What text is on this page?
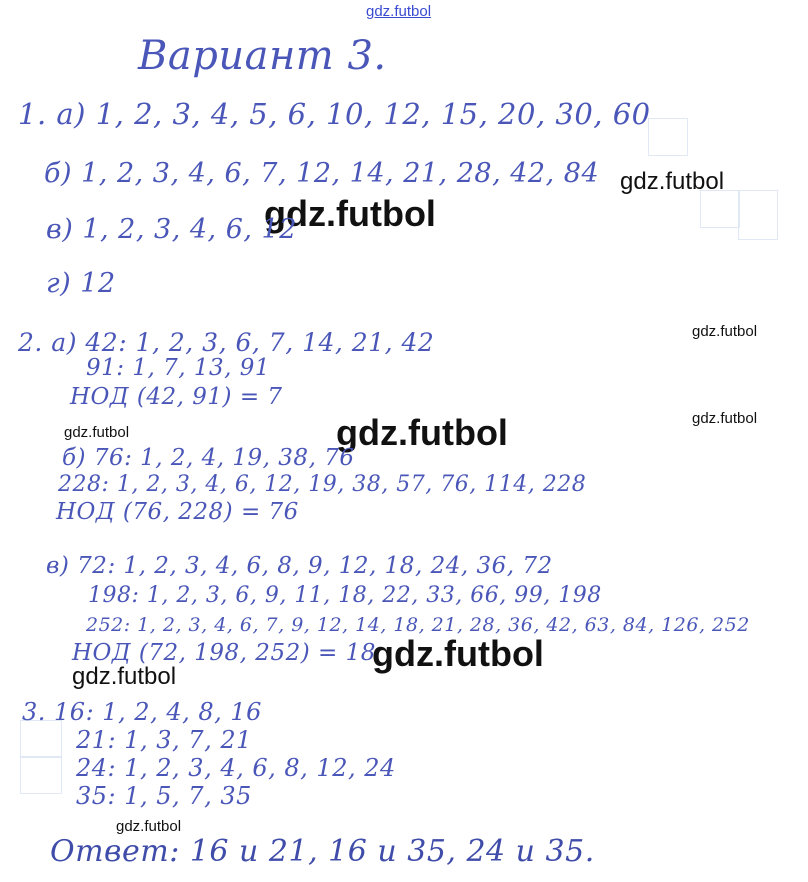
gdz.futbol

gdz.futbol

gdz.futbol

gdz.futbol

gdz.futbol	gdz.futbol	gdz.futbol

gdz.futbol

gdz.futbol

gdz.futbol

Вариант 3.

1. а) 1, 2, 3, 4, 5, 6, 10, 12, 15, 20, 30, 60

б) 1, 2, 3, 4, 6, 7, 12, 14, 21, 28, 42, 84

в) 1, 2, 3, 4, 6, 12

г) 12

2. а) 42: 1, 2, 3, 6, 7, 14, 21, 42

91: 1, 7, 13, 91

НОД (42, 91) = 7

б) 76: 1, 2, 4, 19, 38, 76

228: 1, 2, 3, 4, 6, 12, 19, 38, 57, 76, 114, 228

НОД (76, 228) = 76

в) 72: 1, 2, 3, 4, 6, 8, 9, 12, 18, 24, 36, 72

198: 1, 2, 3, 6, 9, 11, 18, 22, 33, 66, 99, 198

252: 1, 2, 3, 4, 6, 7, 9, 12, 14, 18, 21, 28, 36, 42, 63, 84, 126, 252

НОД (72, 198, 252) = 18

3. 16: 1, 2, 4, 8, 16

21: 1, 3, 7, 21

24: 1, 2, 3, 4, 6, 8, 12, 24

35: 1, 5, 7, 35

Ответ: 16 и 21, 16 и 35, 24 и 35.
